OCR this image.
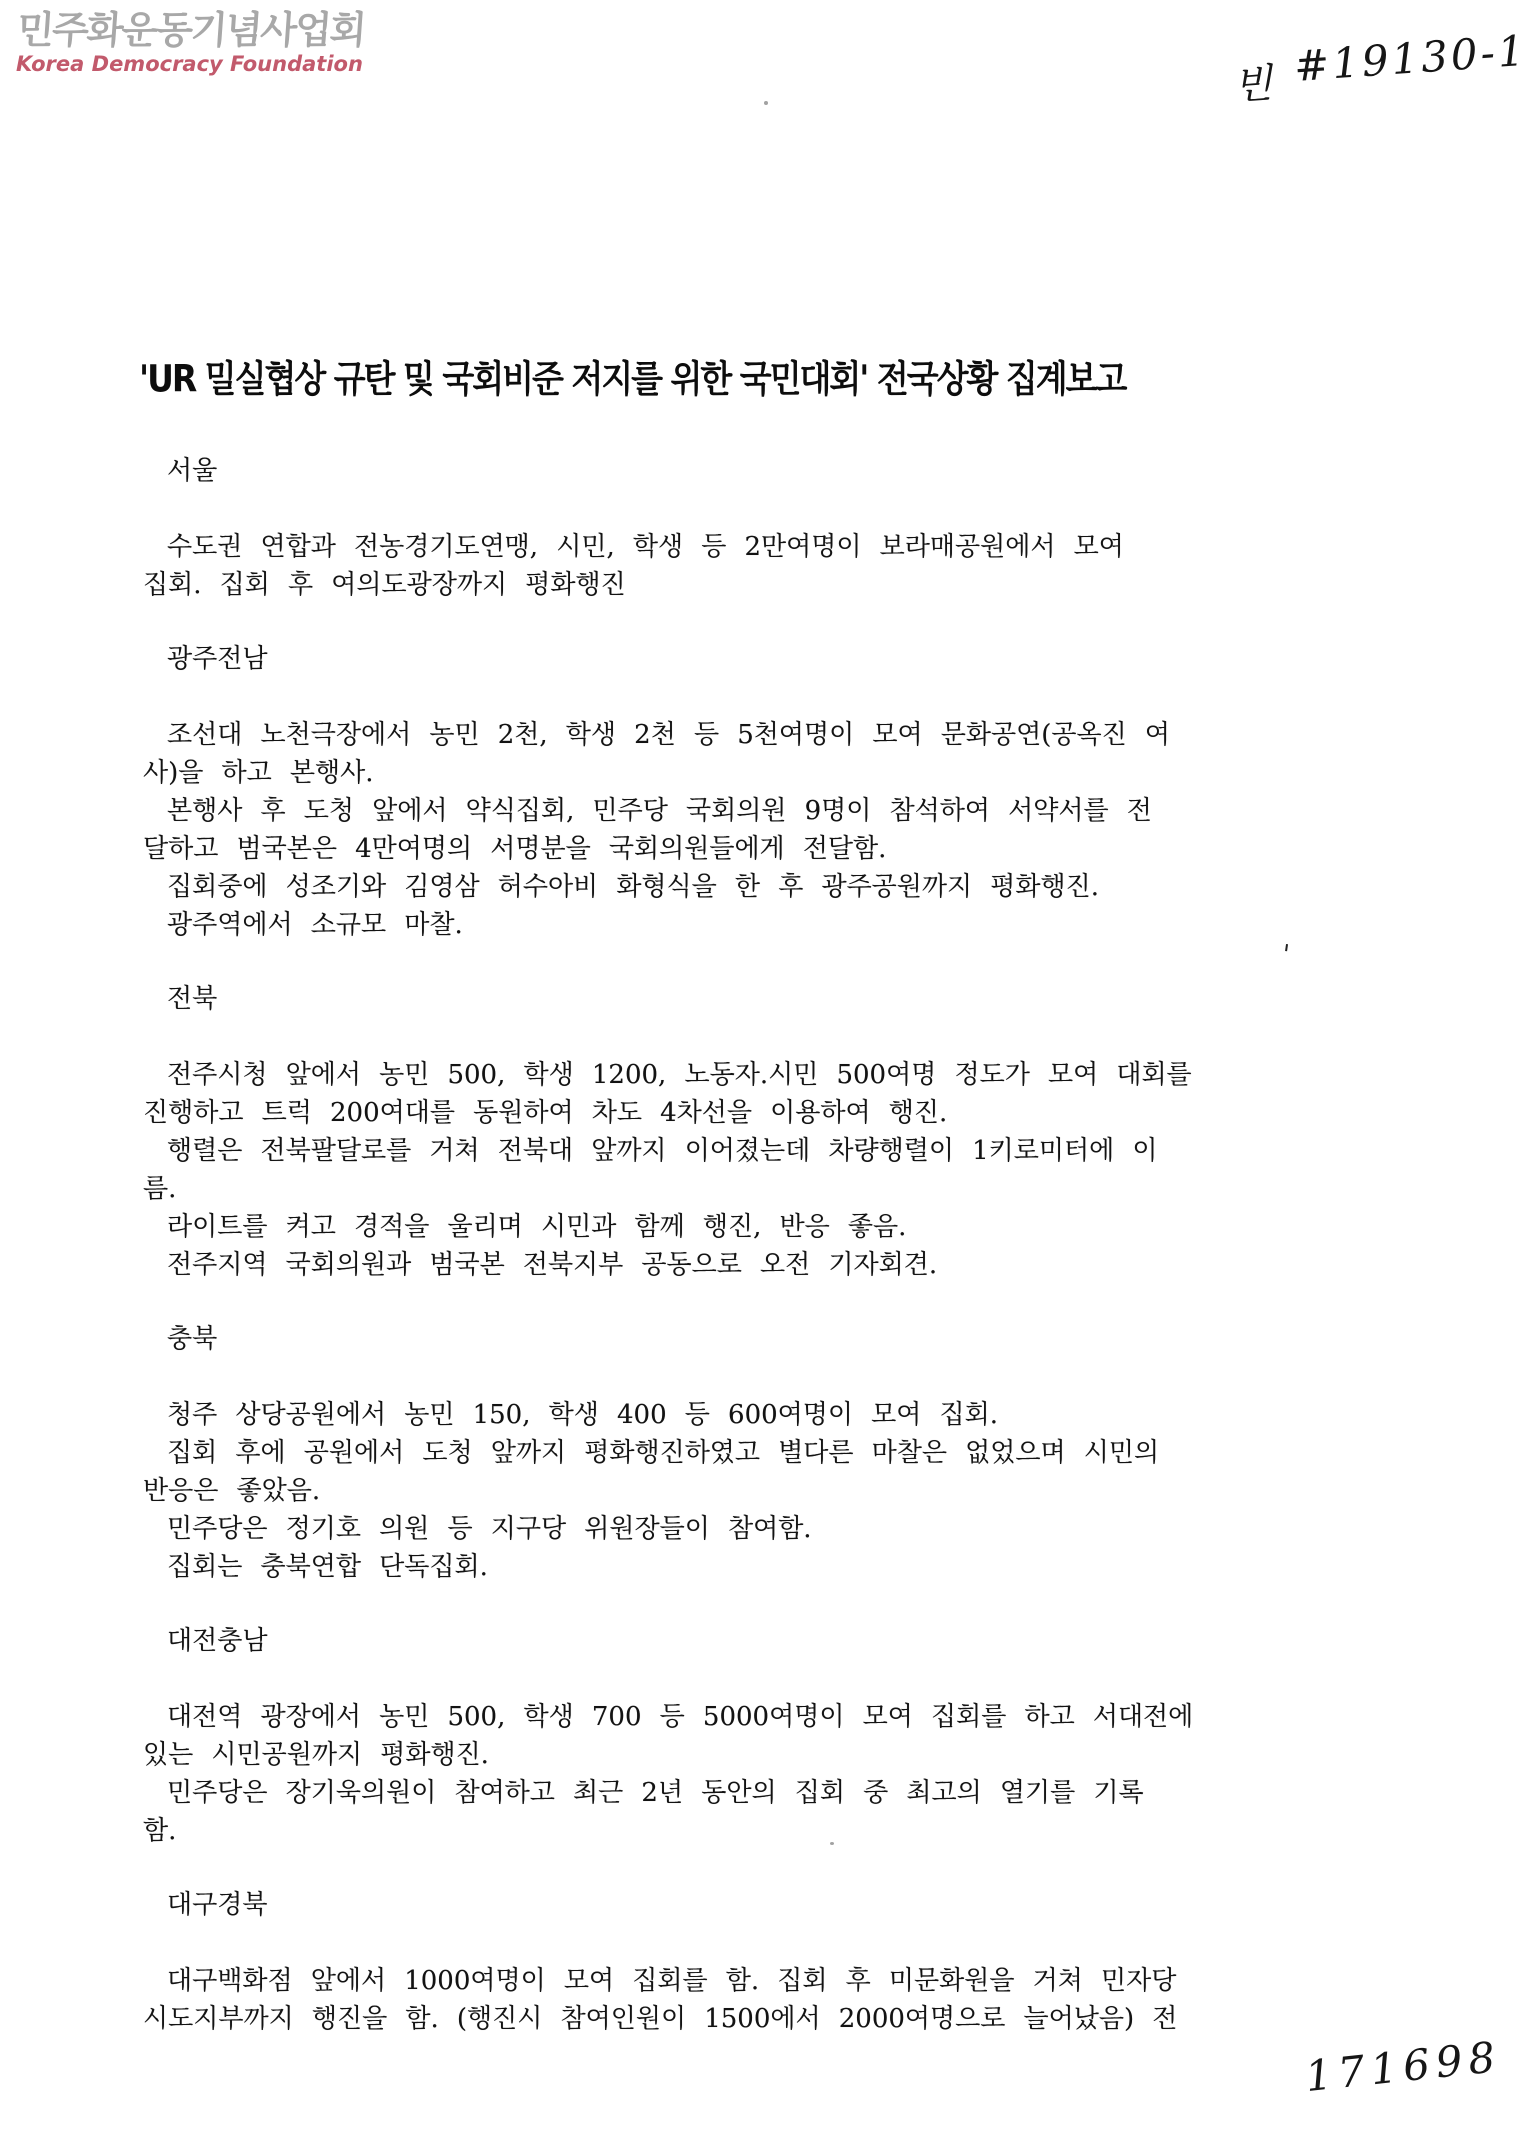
민주화운동기념사업회
Korea Democracy Foundation	빈 #19130-1
'UR 밀실협상 규탄 및 국회비준 저지를 위한 국민대회' 전국상황 집계보고
서울
수도권 연합과 전농경기도연맹, 시민, 학생 등 2만여명이 보라매공원에서 모여
집회. 집회 후 여의도광장까지 평화행진
광주전남
조선대 노천극장에서 농민 2천, 학생 2천 등 5천여명이 모여 문화공연(공옥진 여
사)을 하고 본행사.
본행사 후 도청 앞에서 약식집회, 민주당 국회의원 9명이 참석하여 서약서를 전
달하고 범국본은 4만여명의 서명분을 국회의원들에게 전달함.
집회중에 성조기와 김영삼 허수아비 화형식을 한 후 광주공원까지 평화행진.
광주역에서 소규모 마찰.
전북
전주시청 앞에서 농민 500, 학생 1200, 노동자.시민 500여명 정도가 모여 대회를
진행하고 트럭 200여대를 동원하여 차도 4차선을 이용하여 행진.
행렬은 전북팔달로를 거쳐 전북대 앞까지 이어졌는데 차량행렬이 1키로미터에 이
름.
라이트를 켜고 경적을 울리며 시민과 함께 행진, 반응 좋음.
전주지역 국회의원과 범국본 전북지부 공동으로 오전 기자회견.
충북
청주 상당공원에서 농민 150, 학생 400 등 600여명이 모여 집회.
집회 후에 공원에서 도청 앞까지 평화행진하였고 별다른 마찰은 없었으며 시민의
반응은 좋았음.
민주당은 정기호 의원 등 지구당 위원장들이 참여함.
집회는 충북연합 단독집회.
대전충남
대전역 광장에서 농민 500, 학생 700 등 5000여명이 모여 집회를 하고 서대전에
있는 시민공원까지 평화행진.
민주당은 장기욱의원이 참여하고 최근 2년 동안의 집회 중 최고의 열기를 기록
함.
대구경북
대구백화점 앞에서 1000여명이 모여 집회를 함. 집회 후 미문화원을 거쳐 민자당
시도지부까지 행진을 함. (행진시 참여인원이 1500에서 2000여명으로 늘어났음) 전
171698
'
